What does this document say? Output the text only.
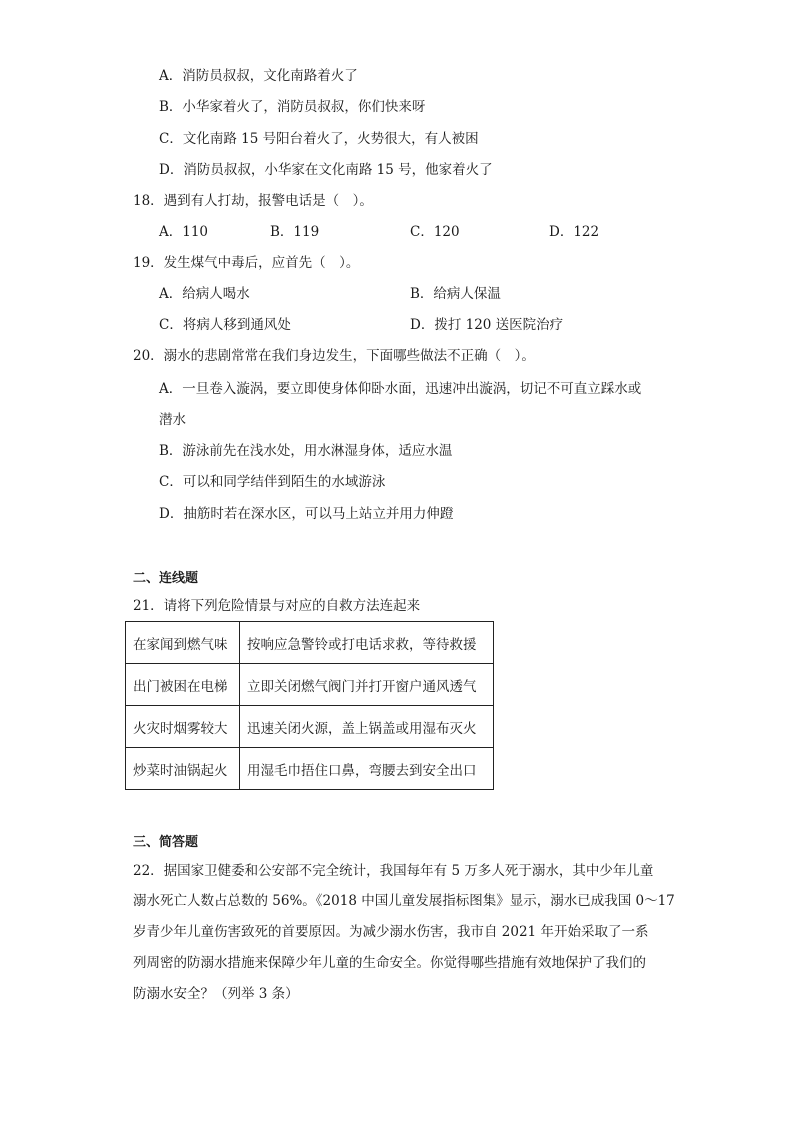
A．消防员叔叔，文化南路着火了
B．小华家着火了，消防员叔叔，你们快来呀
C．文化南路 15 号阳台着火了，火势很大，有人被困
D．消防员叔叔，小华家在文化南路 15 号，他家着火了
18．遇到有人打劫，报警电话是（　）。
A．110	B．119	C．120	D．122
19．发生煤气中毒后，应首先（　）。
A．给病人喝水	B．给病人保温
C．将病人移到通风处	D．拨打 120 送医院治疗
20．溺水的悲剧常常在我们身边发生，下面哪些做法不正确（　）。
A．一旦卷入漩涡，要立即使身体仰卧水面，迅速冲出漩涡，切记不可直立踩水或
潜水
B．游泳前先在浅水处，用水淋湿身体，适应水温
C．可以和同学结伴到陌生的水域游泳
D．抽筋时若在深水区，可以马上站立并用力伸蹬
二、连线题
21．请将下列危险情景与对应的自救方法连起来
在家闻到燃气味	按响应急警铃或打电话求救，等待救援
出门被困在电梯	立即关闭燃气阀门并打开窗户通风透气
火灾时烟雾较大	迅速关闭火源，盖上锅盖或用湿布灭火
炒菜时油锅起火	用湿毛巾捂住口鼻，弯腰去到安全出口
三、简答题
22．据国家卫健委和公安部不完全统计，我国每年有 5 万多人死于溺水，其中少年儿童
溺水死亡人数占总数的 56%。《2018 中国儿童发展指标图集》显示，溺水已成我国 0～17
岁青少年儿童伤害致死的首要原因。为减少溺水伤害，我市自 2021 年开始采取了一系
列周密的防溺水措施来保障少年儿童的生命安全。你觉得哪些措施有效地保护了我们的
防溺水安全？（列举 3 条）
